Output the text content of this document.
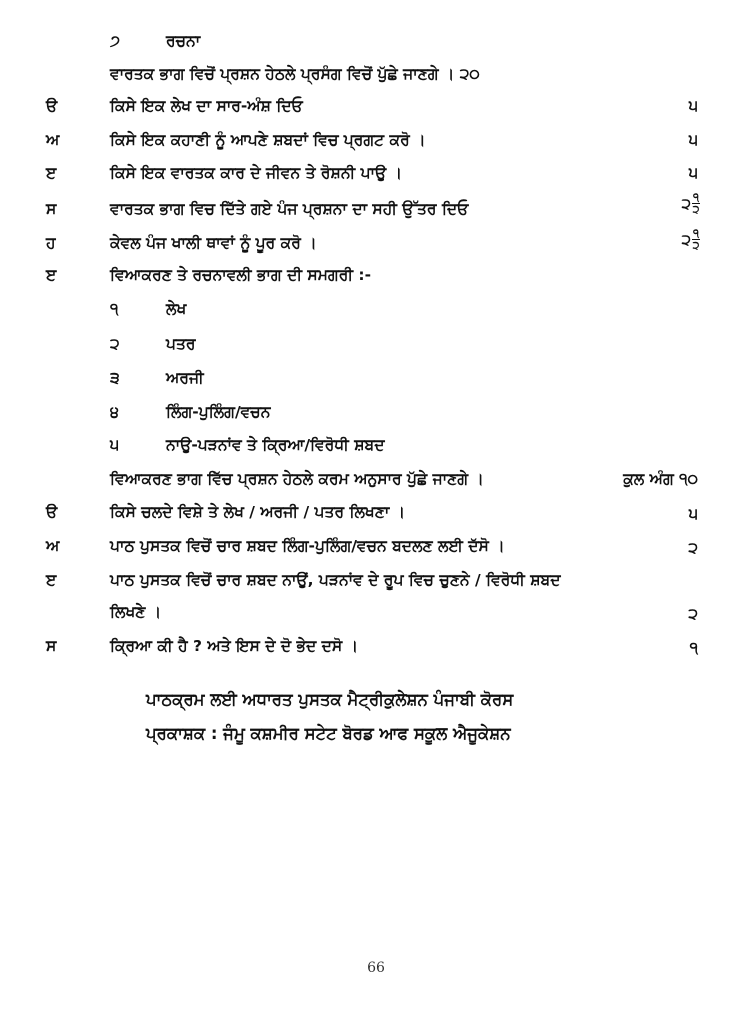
੭	ਰਚਨਾ
ਵਾਰਤਕ ਭਾਗ ਵਿਚੋਂ ਪ੍ਰਸ਼ਨ ਹੇਠਲੇ ਪ੍ਰਸੰਗ ਵਿਚੋਂ ਪੁੱਛੇ ਜਾਣਗੇ । ੨੦
ੳ	ਕਿਸੇ ਇਕ ਲੇਖ ਦਾ ਸਾਰ-ਅੰਸ਼ ਦਿਓ	੫
ਅ	ਕਿਸੇ ਇਕ ਕਹਾਣੀ ਨੂੰ ਆਪਣੇ ਸ਼ਬਦਾਂ ਵਿਚ ਪ੍ਰਗਟ ਕਰੋ ।	੫
ੲ	ਕਿਸੇ ਇਕ ਵਾਰਤਕ ਕਾਰ ਦੇ ਜੀਵਨ ਤੇ ਰੋਸ਼ਨੀ ਪਾਉ ।	੫
ਸ	ਵਾਰਤਕ ਭਾਗ ਵਿਚ ਦਿੱਤੇ ਗਏ ਪੰਜ ਪ੍ਰਸ਼ਨਾ ਦਾ ਸਹੀ ਉੱਤਰ ਦਿਓ	੨ $\frac{੧}{੨}$
ਹ	ਕੇਵਲ ਪੰਜ ਖਾਲੀ ਥਾਵਾਂ ਨੂੰ ਪੂਰ ਕਰੋ ।	੨ $\frac{੧}{੨}$
ੲ	ਵਿਆਕਰਣ ਤੇ ਰਚਨਾਵਲੀ ਭਾਗ ਦੀ ਸਮਗਰੀ :-
੧	ਲੇਖ
੨	ਪਤਰ
੩	ਅਰਜੀ
੪	ਲਿੰਗ-ਪੁਲਿੰਗ/ਵਚਨ
੫	ਨਾਉ-ਪੜਨਾਂਵ ਤੇ ਕ੍ਰਿਆ/ਵਿਰੋਧੀ ਸ਼ਬਦ
ਵਿਆਕਰਣ ਭਾਗ ਵਿੱਚ ਪ੍ਰਸ਼ਨ ਹੇਠਲੇ ਕਰਮ ਅਨੁਸਾਰ ਪੁੱਛੇ ਜਾਣਗੇ ।	ਕੁਲ ਅੰਗ ੧੦
ੳ	ਕਿਸੇ ਚਲਦੇ ਵਿਸ਼ੇ ਤੇ ਲੇਖ / ਅਰਜੀ / ਪਤਰ ਲਿਖਣਾ ।	੫
ਅ	ਪਾਠ ਪੁਸਤਕ ਵਿਚੋਂ ਚਾਰ ਸ਼ਬਦ ਲਿੰਗ-ਪੁਲਿੰਗ/ਵਚਨ ਬਦਲਣ ਲਈ ਦੱਸੋ ।	੨
ੲ	ਪਾਠ ਪੁਸਤਕ ਵਿਚੋਂ ਚਾਰ ਸ਼ਬਦ ਨਾਉਂ, ਪੜਨਾਂਵ ਦੇ ਰੂਪ ਵਿਚ ਚੁਣਨੇ / ਵਿਰੋਧੀ ਸ਼ਬਦ
ਲਿਖਣੇ ।	੨
ਸ	ਕ੍ਰਿਆ ਕੀ ਹੈ ? ਅਤੇ ਇਸ ਦੇ ਦੋ ਭੇਦ ਦਸੋ ।	੧
ਪਾਠਕ੍ਰਮ ਲਈ ਅਧਾਰਤ ਪੁਸਤਕ ਮੈਟ੍ਰੀਕੁਲੇਸ਼ਨ ਪੰਜਾਬੀ ਕੋਰਸ
ਪ੍ਰਕਾਸ਼ਕ : ਜੰਮੂ ਕਸ਼ਮੀਰ ਸਟੇਟ ਬੋਰਡ ਆਫ ਸਕੂਲ ਐਜੂਕੇਸ਼ਨ
66
